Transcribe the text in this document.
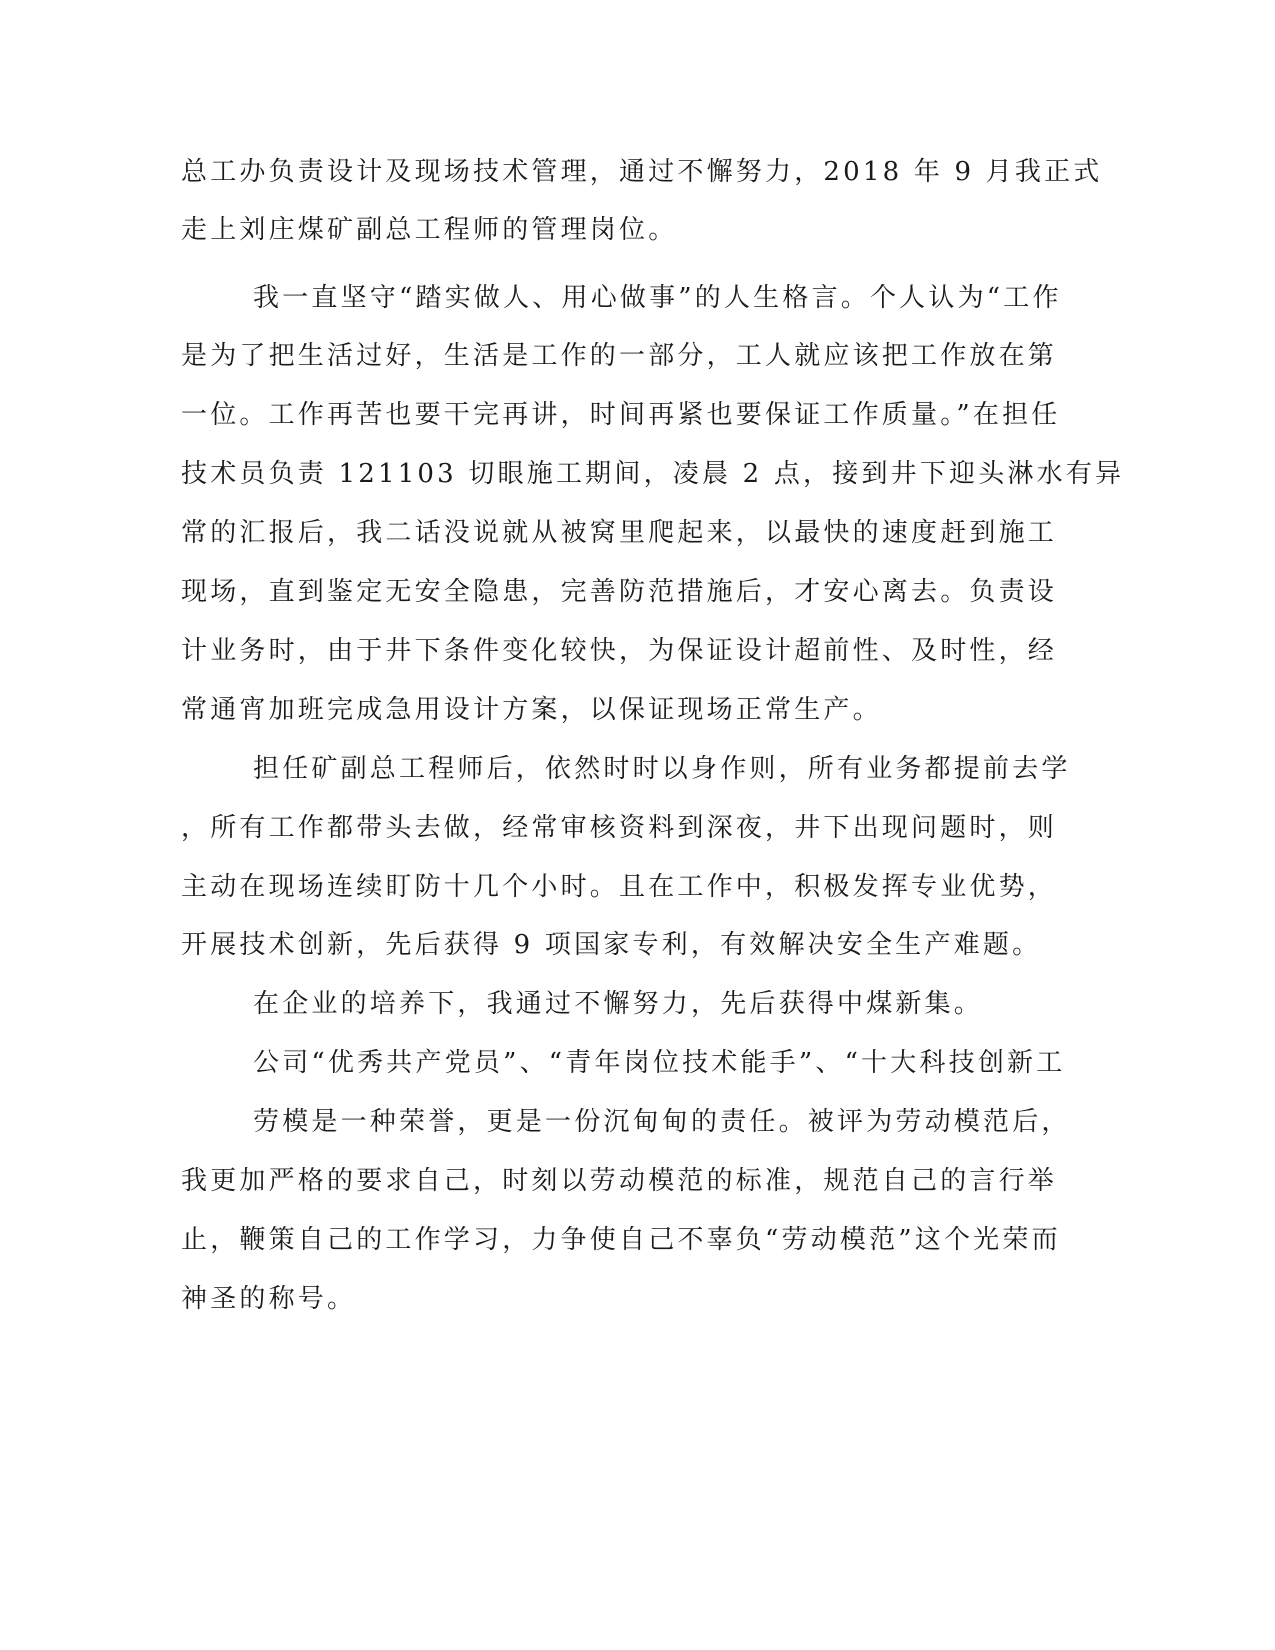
总工办负责设计及现场技术管理，通过不懈努力，2018 年 9 月我正式
走上刘庄煤矿副总工程师的管理岗位。
我一直坚守“踏实做人、用心做事”的人生格言。个人认为“工作
是为了把生活过好，生活是工作的一部分，工人就应该把工作放在第
一位。工作再苦也要干完再讲，时间再紧也要保证工作质量。”在担任
技术员负责 121103 切眼施工期间，凌晨 2 点，接到井下迎头淋水有异
常的汇报后，我二话没说就从被窝里爬起来，以最快的速度赶到施工
现场，直到鉴定无安全隐患，完善防范措施后，才安心离去。负责设
计业务时，由于井下条件变化较快，为保证设计超前性、及时性，经
常通宵加班完成急用设计方案，以保证现场正常生产。
担任矿副总工程师后，依然时时以身作则，所有业务都提前去学
，所有工作都带头去做，经常审核资料到深夜，井下出现问题时，则
主动在现场连续盯防十几个小时。且在工作中，积极发挥专业优势，
开展技术创新，先后获得 9 项国家专利，有效解决安全生产难题。
在企业的培养下，我通过不懈努力，先后获得中煤新集。
公司“优秀共产党员”、“青年岗位技术能手”、“十大科技创新工
劳模是一种荣誉，更是一份沉甸甸的责任。被评为劳动模范后，
我更加严格的要求自己，时刻以劳动模范的标准，规范自己的言行举
止，鞭策自己的工作学习，力争使自己不辜负“劳动模范”这个光荣而
神圣的称号。
